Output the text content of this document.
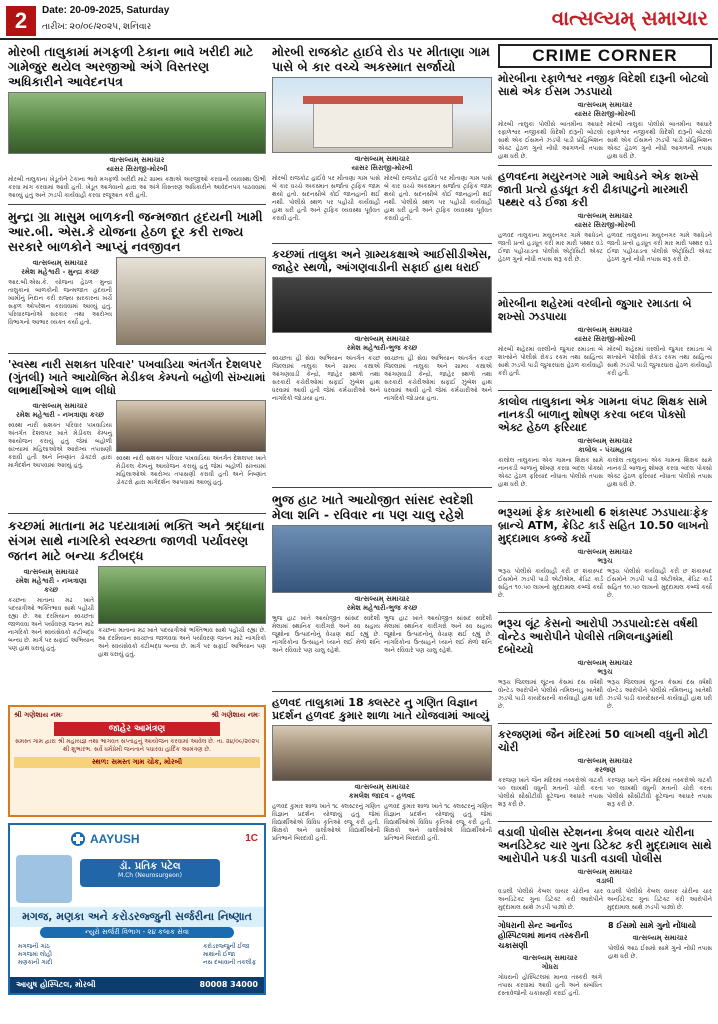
2	Date: 20-09-2025, Saturday
તારીખ: ૨૦/૦૯/૨૦૨૫, શનિવાર	વાત્સલ્યમ્ સમાચાર
મોરબી તાલુકામાં મગફળી ટેકાના ભાવે ખરીદી માટે ગામેજુર થયેલ અરજીઓ અંગે વિસ્તરણ અધિકારીને આવેદનપત્ર
વાત્સલ્યમ્ સમાચાર
યાસર સિરાજી-મોરબી
મોરબી તાલુકાના ખેડૂતોને ટેકાના ભાવે મગફળી ખરીદી માટે ગ્રામ્ય કક્ષાએ અરજીઓ કરવાની વ્યવસ્થા ઊભી કરવા માંગ કરવામાં આવી હતી. ખેડૂત આગેવાનો દ્વારા આ અંગે વિસ્તરણ અધિકારીને આવેદનપત્ર પાઠવવામાં આવ્યું હતું અને ઝડપી કાર્યવાહી કરવા રજૂઆત કરી હતી.
મુન્દ્રા ગ્રા માસુમ બાળકની જન્મજાત હૃદયની ખામી આર.બી. એસ.કે યોજના હેઠળ દૂર કરી રાજ્ય સરકારે બાળકોને આપ્યું નવજીવન
વાત્સલ્યમ્ સમાચાર
રમેશ મહેશ્વરી - મુન્દ્રા કચ્છ
આર.બી.એસ.કે. યોજના હેઠળ મુન્દ્રા તાલુકાના બાળકોની જન્મજાત હૃદયની ખામીનું નિદાન કરી રાજ્ય સરકારના ખર્ચે સફળ ઓપરેશન કરાવવામાં આવ્યું હતું. પરિવારજનોએ સરકાર તથા આરોગ્ય વિભાગનો આભાર વ્યક્ત કર્યો હતો.
'સ્વસ્થ નારી સશક્ત પરિવાર' પખવાડિયા અંતર્ગત દેશલપર (ગુંતલી) ખાતે આયોજિત મેડીકલ કેમ્પનો બહોળી સંખ્યામાં લાભાર્થીઓએ લાભ લીધો
વાત્સલ્યમ્ સમાચાર
રમેશ મહેશ્વરી - નખત્રાણા કચ્છ
સ્વસ્થ નારી સશક્ત પરિવાર પખવાડિયા અંતર્ગત દેશલપર ખાતે મેડીકલ કેમ્પનું આયોજન કરાયું હતું જેમાં બહોળી સંખ્યામાં મહિલાઓએ આરોગ્ય તપાસણી કરાવી હતી અને નિષ્ણાંત ડોક્ટરો દ્વારા માર્ગદર્શન આપવામાં આવ્યું હતું.
સ્વસ્થ નારી સશક્ત પરિવાર પખવાડિયા અંતર્ગત દેશલપર ખાતે મેડીકલ કેમ્પનું આયોજન કરાયું હતું જેમાં બહોળી સંખ્યામાં મહિલાઓએ આરોગ્ય તપાસણી કરાવી હતી અને નિષ્ણાંત ડોક્ટરો દ્વારા માર્ગદર્શન આપવામાં આવ્યું હતું.
કચ્છમાં માતાના મઢ પદયાત્રામાં ભક્તિ અને શ્રદ્ધાના સંગમ સાથે નાગરિકો સ્વચ્છતા જાળવી પર્યાવરણ જતન માટે બન્યા કટીબદ્ધ
વાત્સલ્યમ્ સમાચાર
રમેશ મહેશ્વરી - નખત્રાણા કચ્છ
કચ્છના માતાના મઢ ખાતે પદયાત્રીઓ ભક્તિભાવ સાથે પહોંચી રહ્યા છે. આ દરમિયાન સ્વચ્છતા જાળવવા અને પર્યાવરણ જતન માટે નાગરિકો અને સ્વયંસેવકો કટીબદ્ધ બન્યા છે. માર્ગ પર સફાઈ અભિયાન પણ હાથ ધરાયું હતું.
કચ્છના માતાના મઢ ખાતે પદયાત્રીઓ ભક્તિભાવ સાથે પહોંચી રહ્યા છે. આ દરમિયાન સ્વચ્છતા જાળવવા અને પર્યાવરણ જતન માટે નાગરિકો અને સ્વયંસેવકો કટીબદ્ધ બન્યા છે. માર્ગ પર સફાઈ અભિયાન પણ હાથ ધરાયું હતું.
શ્રી ગણેશાય નમઃ	શ્રી ગણેશાય નમઃ
જાહેર આમંત્રણ
સમસ્ત ગામ દ્વારા શ્રી મહાયજ્ઞ તથા ભાગવત સપ્તાહનું આયોજન કરવામાં આવેલ છે. તા. ૨૪/૦૯/૨૦૨૫ થી શુભારંભ. સર્વે ધર્મપ્રેમી જનતાને પધારવા હાર્દિક આમંત્રણ છે.
સ્થળ: સમસ્ત ગામ ચોક, મોરબી
AAYUSH	1C
ડૉ. પ્રતિક પટેલ
M.Ch (Neurosurgeon)
મગજ, મણકા અને કરોડરજ્જુની સર્જરીના નિષ્ણાત
ન્યુરો સર્જરી વિભાગ - ૨૪ કલાક સેવા
મગજની ગાંઠ
મગજમાં લોહી
મણકાની ગાદી
કરોડરજ્જુની ઈજા
માથાની ઈજા
નસ દબાવાની તકલીફ
આયુષ હોસ્પિટલ, મોરબી	80008 34000
મોરબી રાજકોટ હાઈવે રોડ પર મીતાણા ગામ પાસે બે કાર વચ્ચે અકસ્માત સર્જાયો
વાત્સલ્યમ્ સમાચાર
યાસર સિરાજી-મોરબી
મોરબી રાજકોટ હાઈવે પર મીતાણા ગામ પાસે બે કાર વચ્ચે અકસ્માત સર્જાતા ટ્રાફિક જામ થયો હતો. સદનસીબે કોઈ જાનહાની થઈ નથી. પોલીસે સ્થળ પર પહોંચી કાર્યવાહી હાથ ધરી હતી અને ટ્રાફિક વ્યવસ્થા પૂર્વવત કરાવી હતી.
મોરબી રાજકોટ હાઈવે પર મીતાણા ગામ પાસે બે કાર વચ્ચે અકસ્માત સર્જાતા ટ્રાફિક જામ થયો હતો. સદનસીબે કોઈ જાનહાની થઈ નથી. પોલીસે સ્થળ પર પહોંચી કાર્યવાહી હાથ ધરી હતી અને ટ્રાફિક વ્યવસ્થા પૂર્વવત કરાવી હતી.
કચ્છમાં તાલુકા અને ગ્રામ્યકક્ષાએ આઈસીડીએસ, જાહેર સ્થળો, આંગણવાડીની સફાઈ હાથ ધરાઈ
વાત્સલ્યમ્ સમાચાર
રમેશ મહેશ્વરી-ભુજ કચ્છ
સ્વચ્છતા હી સેવા અભિયાન અંતર્ગત કચ્છ જિલ્લામાં તાલુકા અને ગ્રામ્ય કક્ષાએ આંગણવાડી કેન્દ્રો, જાહેર સ્થળો તથા સરકારી કચેરીઓમાં સફાઈ ઝુંબેશ હાથ ધરવામાં આવી હતી જેમાં કર્મચારીઓ અને નાગરિકો જોડાયા હતા.
સ્વચ્છતા હી સેવા અભિયાન અંતર્ગત કચ્છ જિલ્લામાં તાલુકા અને ગ્રામ્ય કક્ષાએ આંગણવાડી કેન્દ્રો, જાહેર સ્થળો તથા સરકારી કચેરીઓમાં સફાઈ ઝુંબેશ હાથ ધરવામાં આવી હતી જેમાં કર્મચારીઓ અને નાગરિકો જોડાયા હતા.
ભુજ હાટ ખાતે આયોજીત સાંસદ સ્વદેશી મેલા શનિ - રવિવાર ના પણ ચાલુ રહેશે
વાત્સલ્યમ્ સમાચાર
રમેશ મહેશ્વરી-ભુજ કચ્છ
ભુજ હાટ ખાતે આયોજીત સાંસદ સ્વદેશી મેલામાં સ્થાનિક કારીગરો અને સ્વ સહાય જૂથોના ઉત્પાદનોનું વેચાણ થઈ રહ્યું છે. નાગરિકોના ઉત્સાહને ધ્યાને લઈ મેળો શનિ અને રવિવારે પણ ચાલુ રહેશે.
ભુજ હાટ ખાતે આયોજીત સાંસદ સ્વદેશી મેલામાં સ્થાનિક કારીગરો અને સ્વ સહાય જૂથોના ઉત્પાદનોનું વેચાણ થઈ રહ્યું છે. નાગરિકોના ઉત્સાહને ધ્યાને લઈ મેળો શનિ અને રવિવારે પણ ચાલુ રહેશે.
હળવદ તાલુકામાં 18 ક્લસ્ટર નુ ગણિત વિજ્ઞાન પ્રદર્શન હળવદ કુમાર શાળા ખાતે યોજવામાં આવ્યું
વાત્સલ્યમ્ સમાચાર
કમલેશ જાદવ - હળવદ
હળવદ કુમાર શાળા ખાતે ૧૮ ક્લસ્ટરનું ગણિત વિજ્ઞાન પ્રદર્શન યોજાયું હતું જેમાં વિદ્યાર્થીઓએ વિવિધ કૃતિઓ રજૂ કરી હતી. શિક્ષકો અને વાલીઓએ વિદ્યાર્થીઓની પ્રતિભાને બિરદાવી હતી.
હળવદ કુમાર શાળા ખાતે ૧૮ ક્લસ્ટરનું ગણિત વિજ્ઞાન પ્રદર્શન યોજાયું હતું જેમાં વિદ્યાર્થીઓએ વિવિધ કૃતિઓ રજૂ કરી હતી. શિક્ષકો અને વાલીઓએ વિદ્યાર્થીઓની પ્રતિભાને બિરદાવી હતી.
CRIME CORNER
મોરબીના રફાળેશ્વર નજીક વિદેશી દારૂની બોટલો સાથે એક ઈસમ ઝડપાયો
વાત્સલ્યમ્ સમાચાર
યાસર સિરાજી-મોરબી
મોરબી તાલુકા પોલીસે બાતમીના આધારે રફાળેશ્વર નજીકથી વિદેશી દારૂની બોટલો સાથે એક ઈસમને ઝડપી પાડી પ્રોહિબિશન એક્ટ હેઠળ ગુનો નોંધી આગળની તપાસ હાથ ધરી છે.
મોરબી તાલુકા પોલીસે બાતમીના આધારે રફાળેશ્વર નજીકથી વિદેશી દારૂની બોટલો સાથે એક ઈસમને ઝડપી પાડી પ્રોહિબિશન એક્ટ હેઠળ ગુનો નોંધી આગળની તપાસ હાથ ધરી છે.
હળવદના મયુરનગર ગામે આધેડને એક શખ્સે જાતી પ્રત્યે હડધૂત કરી ઢીકાપાટુનો મારમારી પથ્થર વડે ઈજા કરી
વાત્સલ્યમ્ સમાચાર
યાસર સિરાજી-મોરબી
હળવદ તાલુકાના મયુરનગર ગામે આધેડને જાતી પ્રત્યે હડધૂત કરી માર મારી પથ્થર વડે ઈજા પહોંચાડતા પોલીસે એટ્રોસિટી એક્ટ હેઠળ ગુનો નોંધી તપાસ શરૂ કરી છે.
હળવદ તાલુકાના મયુરનગર ગામે આધેડને જાતી પ્રત્યે હડધૂત કરી માર મારી પથ્થર વડે ઈજા પહોંચાડતા પોલીસે એટ્રોસિટી એક્ટ હેઠળ ગુનો નોંધી તપાસ શરૂ કરી છે.
મોરબીના શહેરમાં વરલીનો જુગાર રમાડતા બે શખ્સો ઝડપાયા
વાત્સલ્યમ્ સમાચાર
યાસર સિરાજી-મોરબી
મોરબી શહેરમાં વરલીનો જુગાર રમાડતા બે શખ્સોને પોલીસે રોકડ રકમ તથા સાહિત્ય સાથે ઝડપી પાડી જુગારધારા હેઠળ કાર્યવાહી કરી હતી.
મોરબી શહેરમાં વરલીનો જુગાર રમાડતા બે શખ્સોને પોલીસે રોકડ રકમ તથા સાહિત્ય સાથે ઝડપી પાડી જુગારધારા હેઠળ કાર્યવાહી કરી હતી.
કાલોલ તાલુકાના એક ગામના લંપટ શિક્ષક સામે નાનકડી બાળાનુ શોષણ કરવા બદલ પોક્સો એક્ટ હેઠળ ફરિયાદ
વાત્સલ્યમ્ સમાચાર
કાલોલ - પંચમહાલ
કાલોલ તાલુકાના એક ગામના શિક્ષક સામે નાનકડી બાળાનું શોષણ કરવા બદલ પોક્સો એક્ટ હેઠળ ફરિયાદ નોંધાતા પોલીસે તપાસ હાથ ધરી છે.
કાલોલ તાલુકાના એક ગામના શિક્ષક સામે નાનકડી બાળાનું શોષણ કરવા બદલ પોક્સો એક્ટ હેઠળ ફરિયાદ નોંધાતા પોલીસે તપાસ હાથ ધરી છે.
ભરૂચમાં ફેક કારખાથી 6 શંકાસ્પદ ઝડપાયાઃફેક બ્રાન્ચે ATM, ક્રેડિટ કાર્ડ સહિત 10.50 લાખનો મુદ્દામાલ કબ્જે કર્યો
વાત્સલ્યમ્ સમાચાર
ભરૂચ
ભરૂચ પોલીસે કાર્યવાહી કરી છ શંકાસ્પદ ઈસમોને ઝડપી પાડી એટીએમ, ક્રેડિટ કાર્ડ સહિત ૧૦.૫૦ લાખનો મુદ્દામાલ કબ્જે કર્યો છે.
ભરૂચ પોલીસે કાર્યવાહી કરી છ શંકાસ્પદ ઈસમોને ઝડપી પાડી એટીએમ, ક્રેડિટ કાર્ડ સહિત ૧૦.૫૦ લાખનો મુદ્દામાલ કબ્જે કર્યો છે.
ભરૂચ લૂંટ કેસનો આરોપી ઝડપાયો:દસ વર્ષથી વોન્ટેડ આરોપીને પોલીસે તમિલનાડુમાંથી દબોચ્યો
વાત્સલ્યમ્ સમાચાર
ભરૂચ
ભરૂચ જિલ્લામાં લૂંટના કેસમાં દસ વર્ષથી વોન્ટેડ આરોપીને પોલીસે તમિલનાડુ ખાતેથી ઝડપી પાડી કાયદેસરની કાર્યવાહી હાથ ધરી છે.
ભરૂચ જિલ્લામાં લૂંટના કેસમાં દસ વર્ષથી વોન્ટેડ આરોપીને પોલીસે તમિલનાડુ ખાતેથી ઝડપી પાડી કાયદેસરની કાર્યવાહી હાથ ધરી છે.
કરજણમાં જૈન મંદિરમાં 50 લાખથી વધુની મોટી ચોરી
વાત્સલ્યમ્ સમાચાર
કરજણ
કરજણ ખાતે જૈન મંદિરમાં તસ્કરોએ ત્રાટકી ૫૦ લાખથી વધુની મતાની ચોરી કરતા પોલીસે સીસીટીવી ફૂટેજના આધારે તપાસ શરૂ કરી છે.
કરજણ ખાતે જૈન મંદિરમાં તસ્કરોએ ત્રાટકી ૫૦ લાખથી વધુની મતાની ચોરી કરતા પોલીસે સીસીટીવી ફૂટેજના આધારે તપાસ શરૂ કરી છે.
વડાલી પોલીસ સ્ટેશનના કેબલ વાયર ચોરીના અનડિટેક્ટ ચાર ગુના ડિટેક્ટ કરી મુદ્દામાલ સાથે આરોપીને પકડી પાડતી વડાલી પોલીસ
વાત્સલ્યમ્ સમાચાર
વડાલી
વડાલી પોલીસે કેબલ વાયર ચોરીના ચાર અનડિટેક્ટ ગુના ડિટેક્ટ કરી આરોપીને મુદ્દામાલ સાથે ઝડપી પાડ્યો છે.
વડાલી પોલીસે કેબલ વાયર ચોરીના ચાર અનડિટેક્ટ ગુના ડિટેક્ટ કરી આરોપીને મુદ્દામાલ સાથે ઝડપી પાડ્યો છે.
ગોધરાની સેન્ટ આર્નોલ્ડ હોસ્પિટલમાં માનવ તસ્કરીની ચકાસણી
વાત્સલ્યમ્ સમાચાર
ગોધરા
ગોધરાની હોસ્પિટલમાં માનવ તસ્કરી અંગે તપાસ કરવામાં આવી હતી અને સંબંધિત દસ્તાવેજોની ચકાસણી કરાઈ હતી.
8 ઈસમો સામે ગુનો નોંધાયો
વાત્સલ્યમ્ સમાચાર
પોલીસે આઠ ઈસમો સામે ગુનો નોંધી તપાસ હાથ ધરી છે.
